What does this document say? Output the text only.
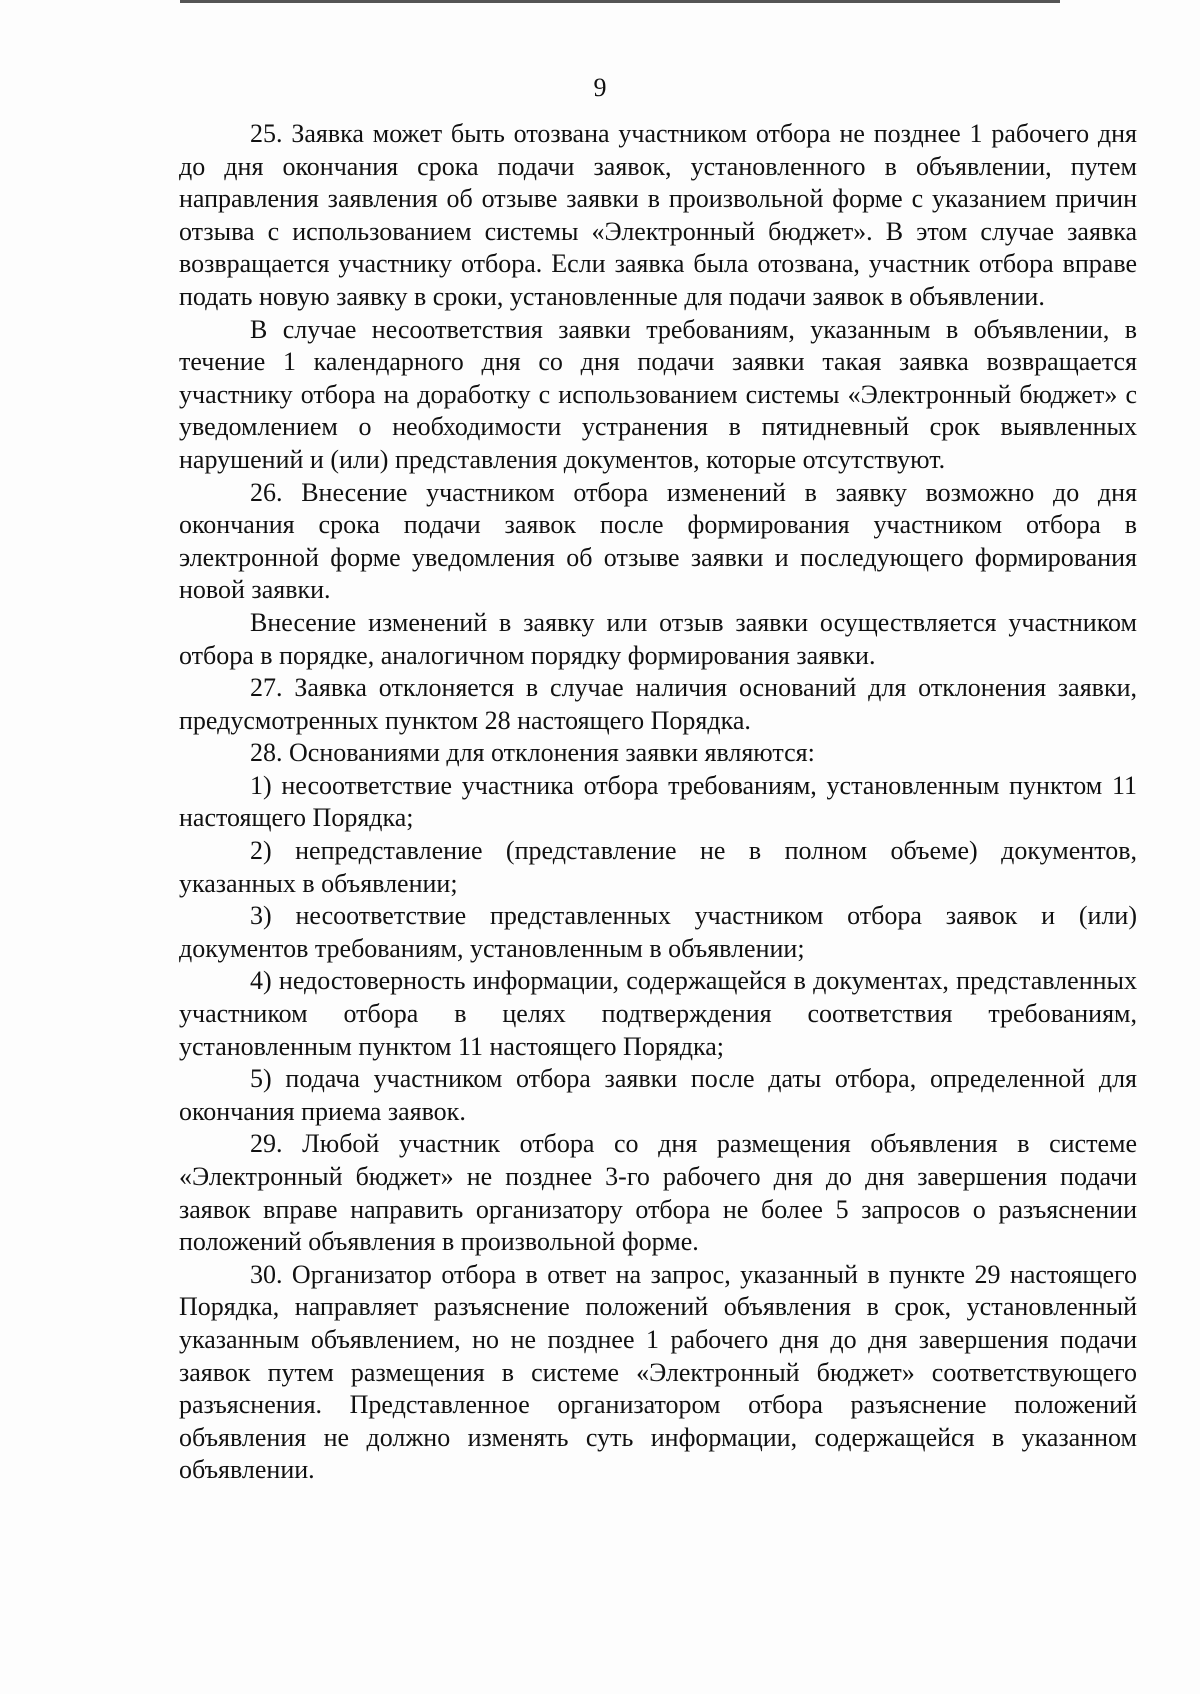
9

25. Заявка может быть отозвана участником отбора не позднее 1 рабочего дня до дня окончания срока подачи заявок, установленного в объявлении, путем направления заявления об отзыве заявки в произвольной форме с указанием причин отзыва с использованием системы «Электронный бюджет». В этом случае заявка возвращается участнику отбора. Если заявка была отозвана, участник отбора вправе подать новую заявку в сроки, установленные для подачи заявок в объявлении.

В случае несоответствия заявки требованиям, указанным в объявлении, в течение 1 календарного дня со дня подачи заявки такая заявка возвращается участнику отбора на доработку с использованием системы «Электронный бюджет» с уведомлением о необходимости устранения в пятидневный срок выявленных нарушений и (или) представления документов, которые отсутствуют.

26. Внесение участником отбора изменений в заявку возможно до дня окончания срока подачи заявок после формирования участником отбора в электронной форме уведомления об отзыве заявки и последующего формирования новой заявки.

Внесение изменений в заявку или отзыв заявки осуществляется участником отбора в порядке, аналогичном порядку формирования заявки.

27. Заявка отклоняется в случае наличия оснований для отклонения заявки, предусмотренных пунктом 28 настоящего Порядка.

28. Основаниями для отклонения заявки являются:

1) несоответствие участника отбора требованиям, установленным пунктом 11 настоящего Порядка;

2) непредставление (представление не в полном объеме) документов, указанных в объявлении;

3) несоответствие представленных участником отбора заявок и (или) документов требованиям, установленным в объявлении;

4) недостоверность информации, содержащейся в документах, представленных участником отбора в целях подтверждения соответствия требованиям, установленным пунктом 11 настоящего Порядка;

5) подача участником отбора заявки после даты отбора, определенной для окончания приема заявок.

29. Любой участник отбора со дня размещения объявления в системе «Электронный бюджет» не позднее 3-го рабочего дня до дня завершения подачи заявок вправе направить организатору отбора не более 5 запросов о разъяснении положений объявления в произвольной форме.

30. Организатор отбора в ответ на запрос, указанный в пункте 29 настоящего Порядка, направляет разъяснение положений объявления в срок, установленный указанным объявлением, но не позднее 1 рабочего дня до дня завершения подачи заявок путем размещения в системе «Электронный бюджет» соответствующего разъяснения. Представленное организатором отбора разъяснение положений объявления не должно изменять суть информации, содержащейся в указанном объявлении.
